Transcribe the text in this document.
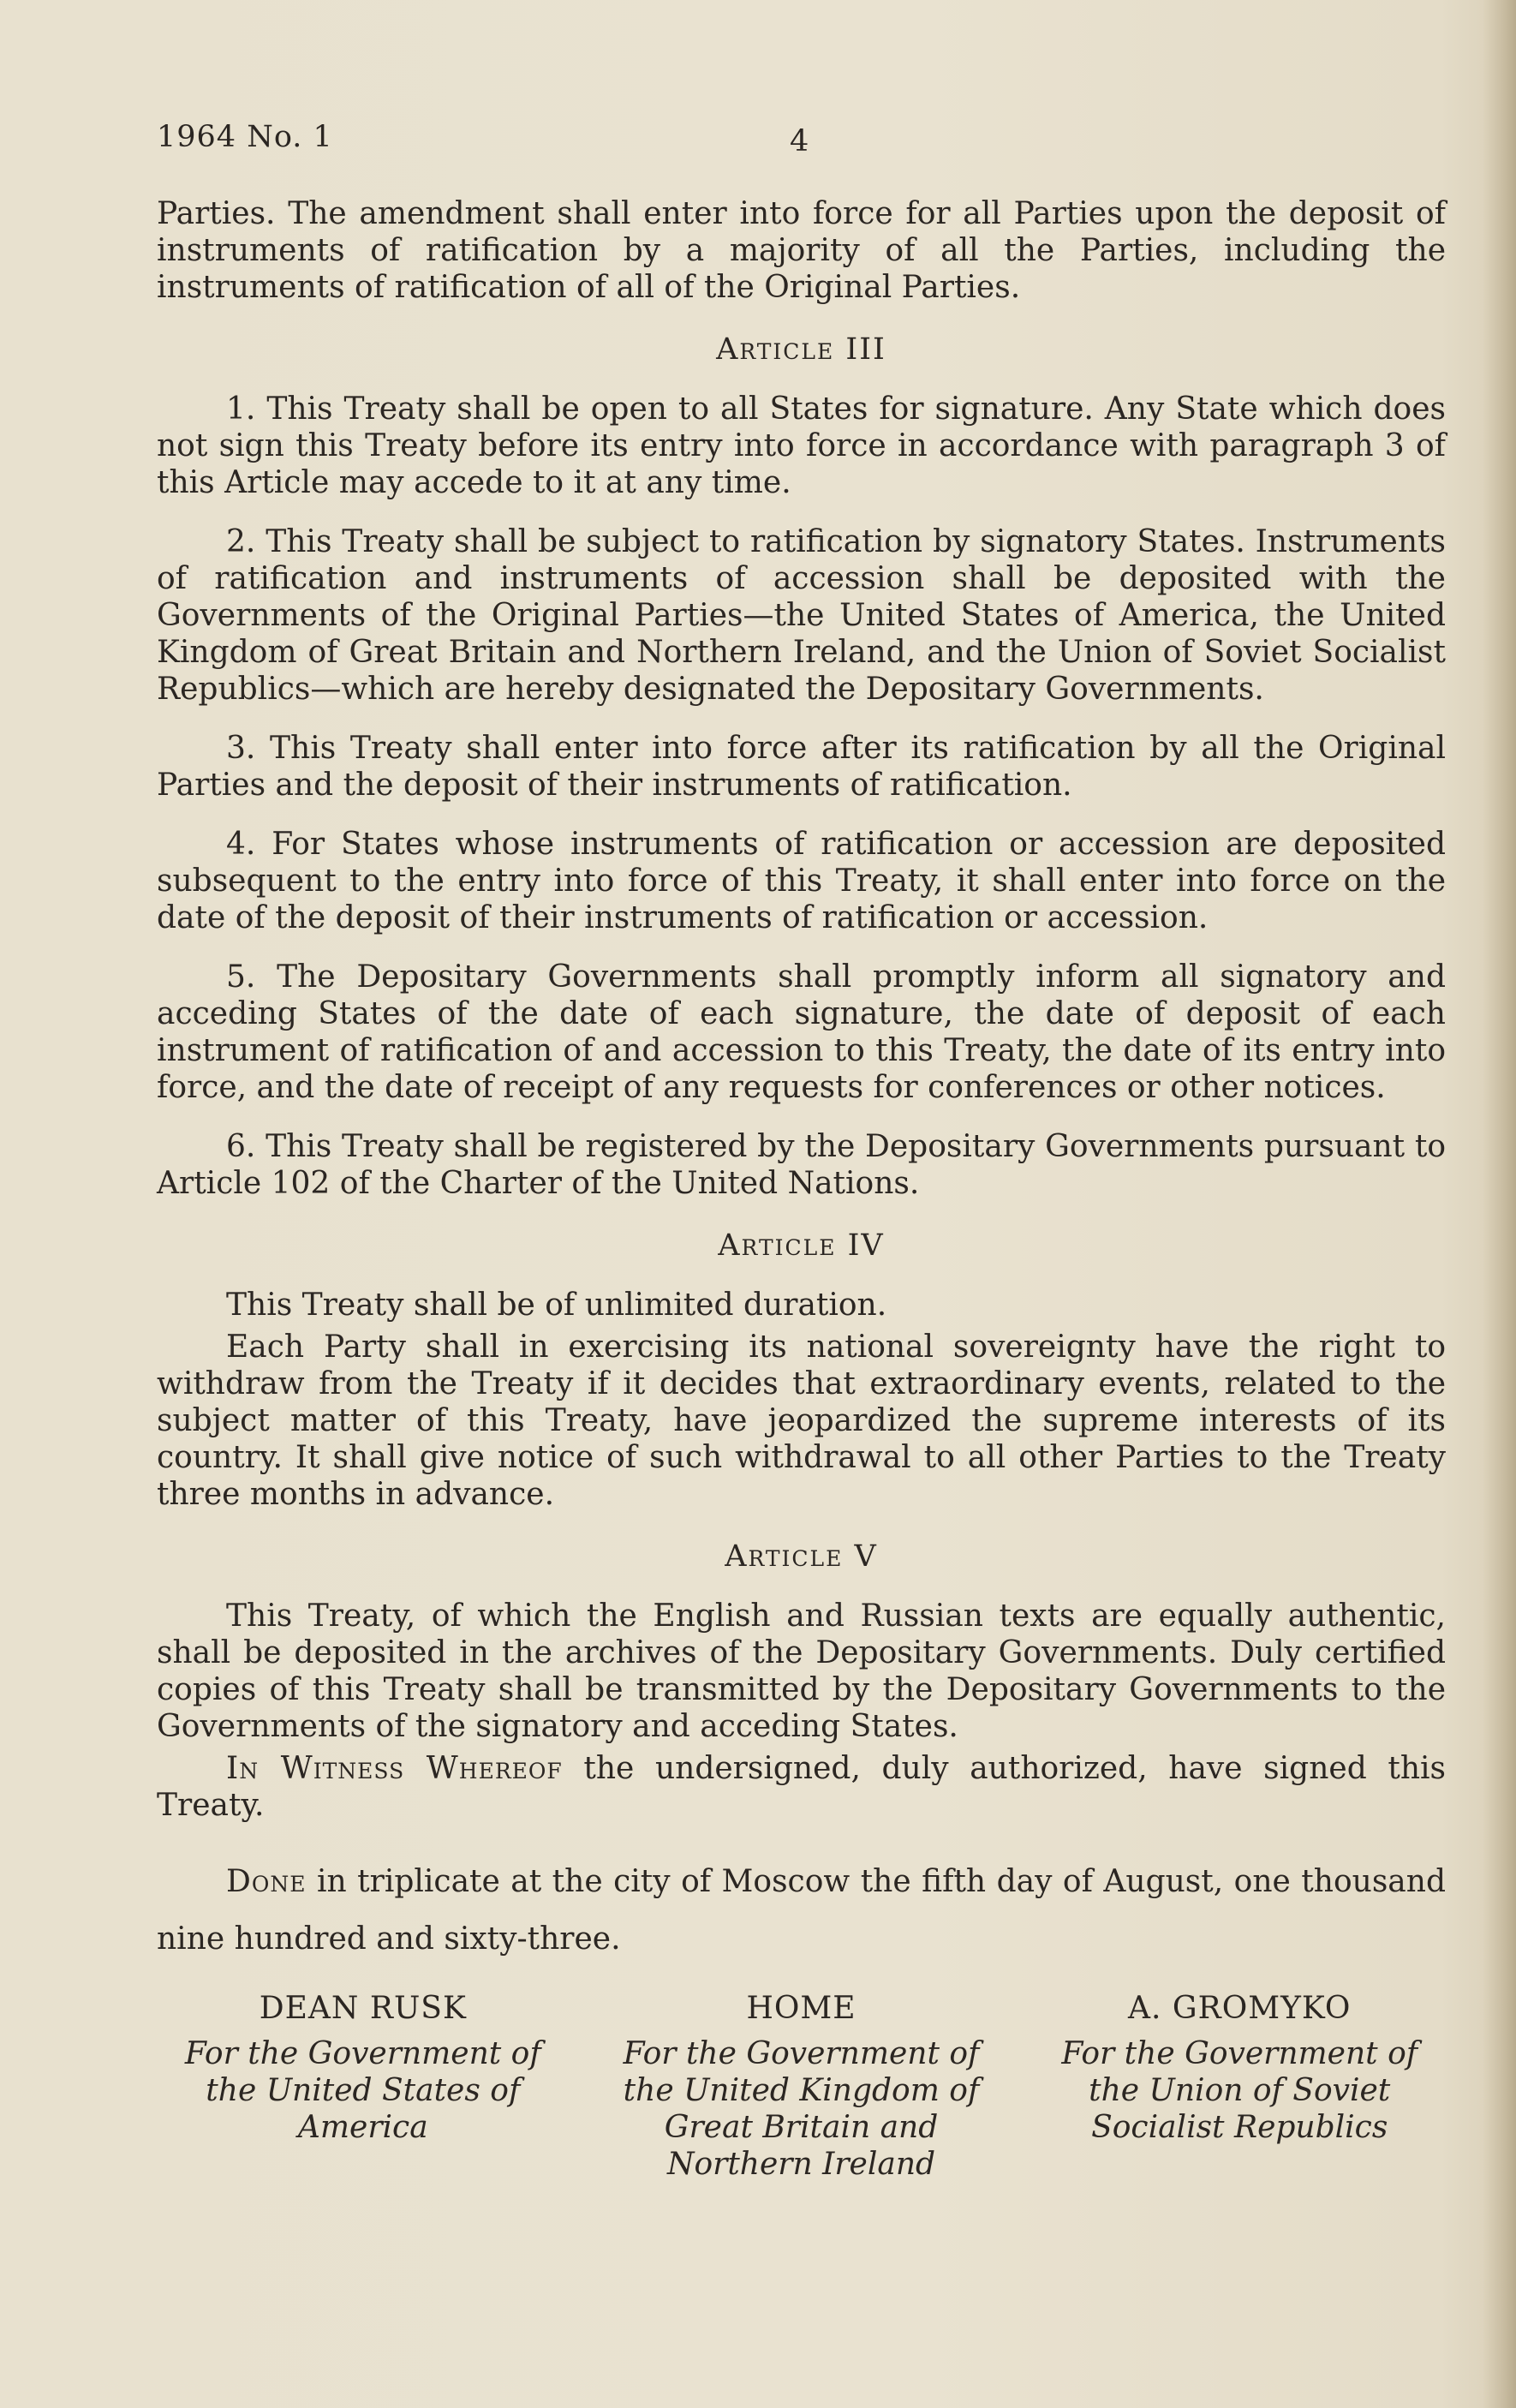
1964 No. 1	4

Parties. The amendment shall enter into force for all Parties upon the deposit of instruments of ratification by a majority of all the Parties, including the instruments of ratification of all of the Original Parties.

Article III

1. This Treaty shall be open to all States for signature. Any State which does not sign this Treaty before its entry into force in accordance with paragraph 3 of this Article may accede to it at any time.

2. This Treaty shall be subject to ratification by signatory States. Instruments of ratification and instruments of accession shall be deposited with the Governments of the Original Parties—the United States of America, the United Kingdom of Great Britain and Northern Ireland, and the Union of Soviet Socialist Republics—which are hereby designated the Depositary Governments.

3. This Treaty shall enter into force after its ratification by all the Original Parties and the deposit of their instruments of ratification.

4. For States whose instruments of ratification or accession are deposited subsequent to the entry into force of this Treaty, it shall enter into force on the date of the deposit of their instruments of ratification or accession.

5. The Depositary Governments shall promptly inform all signatory and acceding States of the date of each signature, the date of deposit of each instrument of ratification of and accession to this Treaty, the date of its entry into force, and the date of receipt of any requests for conferences or other notices.

6. This Treaty shall be registered by the Depositary Governments pursuant to Article 102 of the Charter of the United Nations.

Article IV

This Treaty shall be of unlimited duration.

Each Party shall in exercising its national sovereignty have the right to withdraw from the Treaty if it decides that extraordinary events, related to the subject matter of this Treaty, have jeopardized the supreme interests of its country. It shall give notice of such withdrawal to all other Parties to the Treaty three months in advance.

Article V

This Treaty, of which the English and Russian texts are equally authentic, shall be deposited in the archives of the Depositary Governments. Duly certified copies of this Treaty shall be transmitted by the Depositary Governments to the Governments of the signatory and acceding States.

In Witness Whereof the undersigned, duly authorized, have signed this Treaty.

Done in triplicate at the city of Moscow the fifth day of August, one thousand nine hundred and sixty-three.

DEAN RUSK
For the Government of the United States of America
HOME
For the Government of the United Kingdom of Great Britain and Northern Ireland
A. GROMYKO
For the Government of the Union of Soviet Socialist Republics
